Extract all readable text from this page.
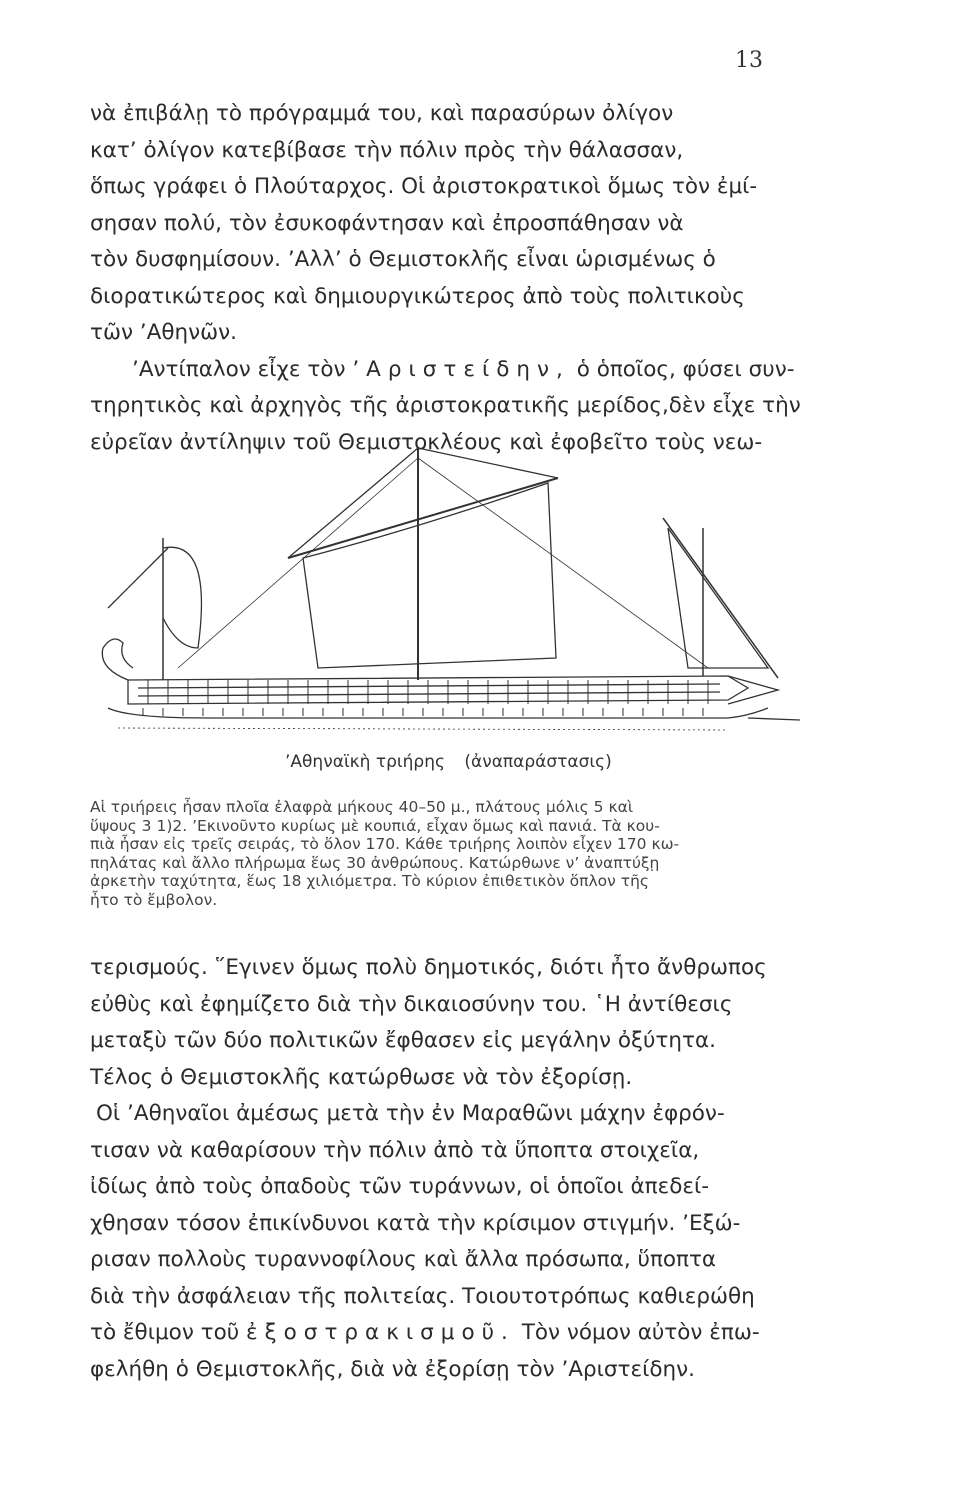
13
νὰ ἐπιβάλῃ τὸ πρόγραμμά του, καὶ παρασύρων ὀλίγον
κατ’ ὀλίγον κατεβίβασε τὴν πόλιν πρὸς τὴν θάλασσαν,
ὅπως γράφει ὁ Πλούταρχος. Οἱ ἀριστοκρατικοὶ ὅμως τὸν ἐμί-
σησαν πολύ, τὸν ἐσυκοφάντησαν καὶ ἐπροσπάθησαν νὰ
τὸν δυσφημίσουν. ’Αλλ’ ὁ Θεμιστοκλῆς εἶναι ὡρισμένως ὁ
διορατικώτερος καὶ δημιουργικώτερος ἀπὸ τοὺς πολιτικοὺς
τῶν ’Αθηνῶν.
’Αντίπαλον εἶχε τὸν ’Αριστείδην, ὁ ὁποῖος, φύσει συν-
τηρητικὸς καὶ ἀρχηγὸς τῆς ἀριστοκρατικῆς μερίδος,δὲν εἶχε τὴν
εὐρεῖαν ἀντίληψιν τοῦ Θεμιστοκλέους καὶ ἐφοβεῖτο τοὺς νεω-
’Αθηναϊκὴ τριήρης (ἀναπαράστασις)
Αἱ τριήρεις ἦσαν πλοῖα ἐλαφρὰ μήκους 40–50 μ., πλάτους μόλις 5 καὶ
ὕψους 3 1)2. ’Εκινοῦντο κυρίως μὲ κουπιά, εἶχαν ὅμως καὶ πανιά. Τὰ κου-
πιὰ ἦσαν εἰς τρεῖς σειράς, τὸ ὅλον 170. Κάθε τριήρης λοιπὸν εἶχεν 170 κω-
πηλάτας καὶ ἄλλο πλήρωμα ἕως 30 ἀνθρώπους. Κατώρθωνε ν’ ἀναπτύξῃ
ἀρκετὴν ταχύτητα, ἕως 18 χιλιόμετρα. Τὸ κύριον ἐπιθετικὸν ὅπλον τῆς
ἦτο τὸ ἔμβολον.
τερισμούς. ῞Εγινεν ὅμως πολὺ δημοτικός, διότι ἦτο ἄνθρωπος
εὐθὺς καὶ ἐφημίζετο διὰ τὴν δικαιοσύνην του. ῾Η ἀντίθεσις
μεταξὺ τῶν δύο πολιτικῶν ἔφθασεν εἰς μεγάλην ὀξύτητα.
Τέλος ὁ Θεμιστοκλῆς κατώρθωσε νὰ τὸν ἐξορίσῃ.
Οἱ ’Αθηναῖοι ἀμέσως μετὰ τὴν ἐν Μαραθῶνι μάχην ἐφρόν-
τισαν νὰ καθαρίσουν τὴν πόλιν ἀπὸ τὰ ὕποπτα στοιχεῖα,
ἰδίως ἀπὸ τοὺς ὀπαδοὺς τῶν τυράννων, οἱ ὁποῖοι ἀπεδεί-
χθησαν τόσον ἐπικίνδυνοι κατὰ τὴν κρίσιμον στιγμήν. ’Εξώ-
ρισαν πολλοὺς τυραννοφίλους καὶ ἄλλα πρόσωπα, ὕποπτα
διὰ τὴν ἀσφάλειαν τῆς πολιτείας. Τοιουτοτρόπως καθιερώθη
τὸ ἔθιμον τοῦ ἐξοστρακισμοῦ. Τὸν νόμον αὐτὸν ἐπω-
φελήθη ὁ Θεμιστοκλῆς, διὰ νὰ ἐξορίσῃ τὸν ’Αριστείδην.
